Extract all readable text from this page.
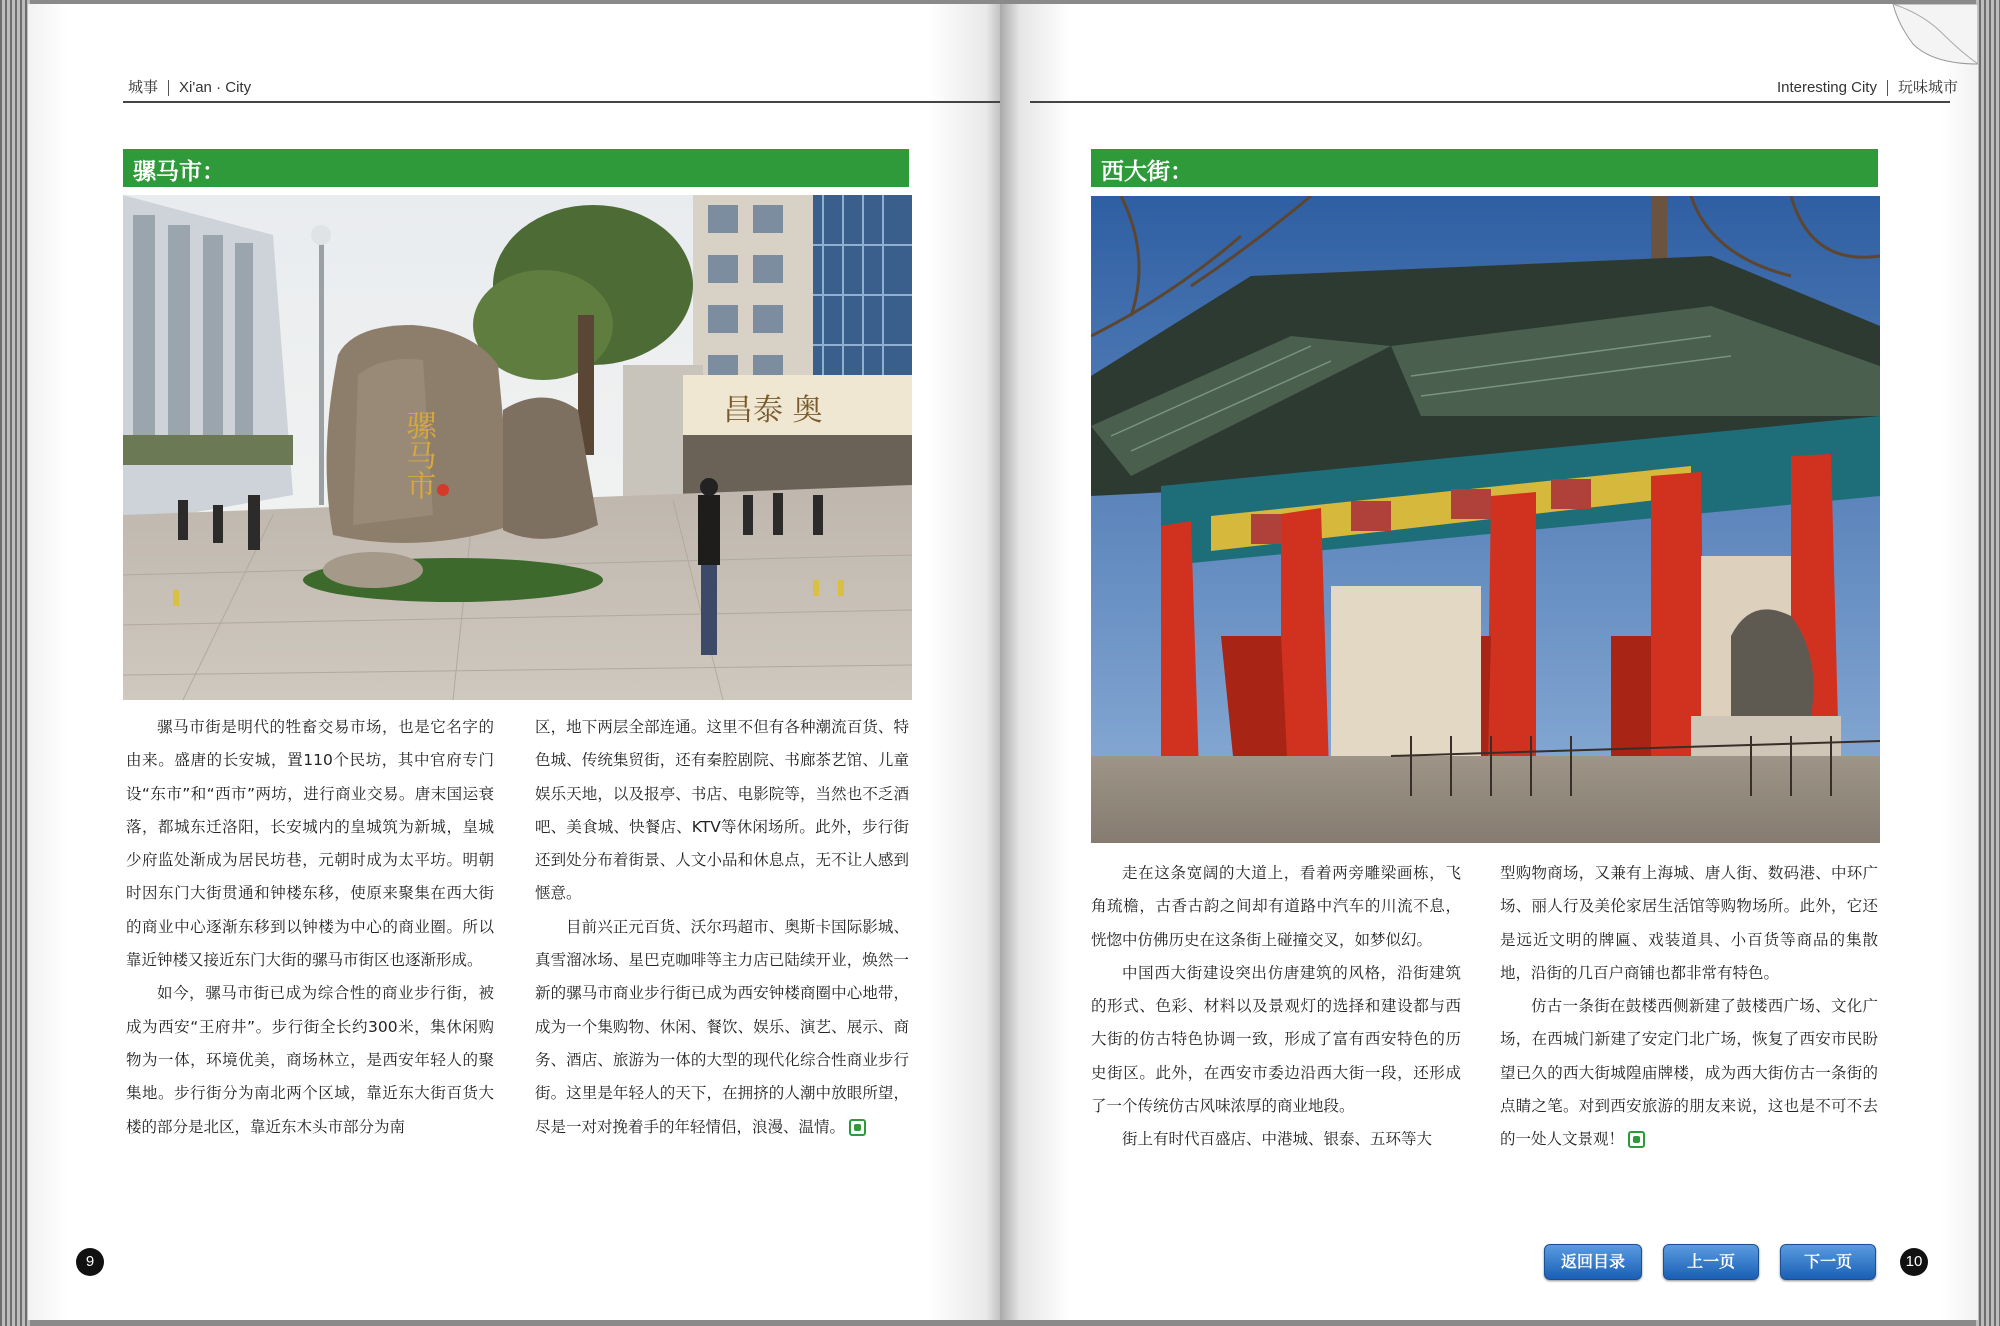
城事 Xi'an · City
骡马市：
昌泰 奥
骡马市

骡马市街是明代的牲畜交易市场，也是它名字的由来。盛唐的长安城，置110个民坊，其中官府专门设“东市”和“西市”两坊，进行商业交易。唐末国运衰落，都城东迁洛阳，长安城内的皇城筑为新城，皇城少府监处渐成为居民坊巷，元朝时成为太平坊。明朝时因东门大街贯通和钟楼东移，使原来聚集在西大街的商业中心逐渐东移到以钟楼为中心的商业圈。所以靠近钟楼又接近东门大街的骡马市街区也逐渐形成。

如今，骡马市街已成为综合性的商业步行街，被成为西安“王府井”。步行街全长约300米，集休闲购物为一体，环境优美，商场林立，是西安年轻人的聚集地。步行街分为南北两个区域，靠近东大街百货大楼的部分是北区，靠近东木头市部分为南

区，地下两层全部连通。这里不但有各种潮流百货、特色城、传统集贸街，还有秦腔剧院、书廊茶艺馆、儿童娱乐天地，以及报亭、书店、电影院等，当然也不乏酒吧、美食城、快餐店、KTV等休闲场所。此外，步行街还到处分布着街景、人文小品和休息点，无不让人感到惬意。

目前兴正元百货、沃尔玛超市、奥斯卡国际影城、真雪溜冰场、星巴克咖啡等主力店已陆续开业，焕然一新的骡马市商业步行街已成为西安钟楼商圈中心地带，成为一个集购物、休闲、餐饮、娱乐、演艺、展示、商务、酒店、旅游为一体的大型的现代化综合性商业步行街。这里是年轻人的天下，在拥挤的人潮中放眼所望，尽是一对对挽着手的年轻情侣，浪漫、温情。

9
Interesting City 玩味城市
西大街：

走在这条宽阔的大道上，看着两旁雕梁画栋，飞角琉檐，古香古韵之间却有道路中汽车的川流不息，恍惚中仿佛历史在这条街上碰撞交叉，如梦似幻。

中国西大街建设突出仿唐建筑的风格，沿街建筑的形式、色彩、材料以及景观灯的选择和建设都与西大街的仿古特色协调一致，形成了富有西安特色的历史街区。此外，在西安市委边沿西大街一段，还形成了一个传统仿古风味浓厚的商业地段。

街上有时代百盛店、中港城、银泰、五环等大

型购物商场，又兼有上海城、唐人街、数码港、中环广场、丽人行及美伦家居生活馆等购物场所。此外，它还是远近文明的牌匾、戏装道具、小百货等商品的集散地，沿街的几百户商铺也都非常有特色。

仿古一条街在鼓楼西侧新建了鼓楼西广场、文化广场，在西城门新建了安定门北广场，恢复了西安市民盼望已久的西大街城隍庙牌楼，成为西大街仿古一条街的点睛之笔。对到西安旅游的朋友来说，这也是不可不去的一处人文景观！

返回目录	上一页	下一页	10
